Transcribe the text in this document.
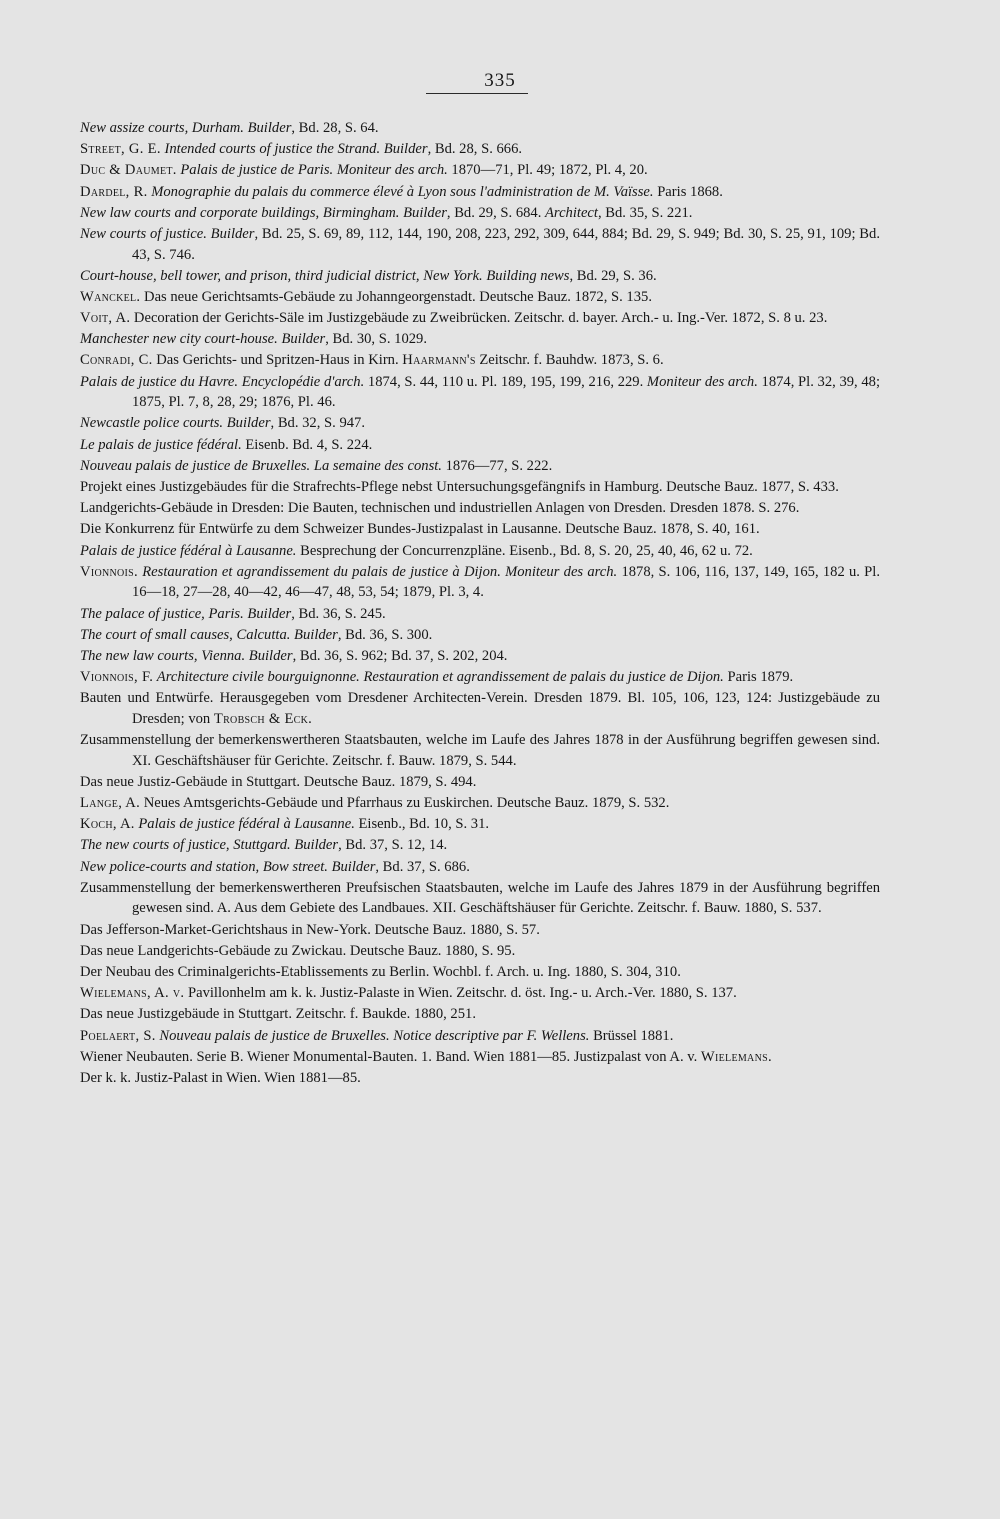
335
New assize courts, Durham. Builder, Bd. 28, S. 64.
Street, G. E. Intended courts of justice the Strand. Builder, Bd. 28, S. 666.
Duc & Daumet. Palais de justice de Paris. Moniteur des arch. 1870—71, Pl. 49; 1872, Pl. 4, 20.
Dardel, R. Monographie du palais du commerce élevé à Lyon sous l'administration de M. Vaïsse. Paris 1868.
New law courts and corporate buildings, Birmingham. Builder, Bd. 29, S. 684. Architect, Bd. 35, S. 221.
New courts of justice. Builder, Bd. 25, S. 69, 89, 112, 144, 190, 208, 223, 292, 309, 644, 884; Bd. 29, S. 949; Bd. 30, S. 25, 91, 109; Bd. 43, S. 746.
Court-house, bell tower, and prison, third judicial district, New York. Building news, Bd. 29, S. 36.
Wanckel. Das neue Gerichtsamts-Gebäude zu Johanngeorgenstadt. Deutsche Bauz. 1872, S. 135.
Voit, A. Decoration der Gerichts-Säle im Justizgebäude zu Zweibrücken. Zeitschr. d. bayer. Arch.- u. Ing.-Ver. 1872, S. 8 u. 23.
Manchester new city court-house. Builder, Bd. 30, S. 1029.
Conradi, C. Das Gerichts- und Spritzen-Haus in Kirn. Haarmann's Zeitschr. f. Bauhdw. 1873, S. 6.
Palais de justice du Havre. Encyclopédie d'arch. 1874, S. 44, 110 u. Pl. 189, 195, 199, 216, 229. Moniteur des arch. 1874, Pl. 32, 39, 48; 1875, Pl. 7, 8, 28, 29; 1876, Pl. 46.
Newcastle police courts. Builder, Bd. 32, S. 947.
Le palais de justice fédéral. Eisenb. Bd. 4, S. 224.
Nouveau palais de justice de Bruxelles. La semaine des const. 1876—77, S. 222.
Projekt eines Justizgebäudes für die Strafrechts-Pflege nebst Untersuchungsgefängnifs in Hamburg. Deutsche Bauz. 1877, S. 433.
Landgerichts-Gebäude in Dresden: Die Bauten, technischen und industriellen Anlagen von Dresden. Dresden 1878. S. 276.
Die Konkurrenz für Entwürfe zu dem Schweizer Bundes-Justizpalast in Lausanne. Deutsche Bauz. 1878, S. 40, 161.
Palais de justice fédéral à Lausanne. Besprechung der Concurrenzpläne. Eisenb., Bd. 8, S. 20, 25, 40, 46, 62 u. 72.
Vionnois. Restauration et agrandissement du palais de justice à Dijon. Moniteur des arch. 1878, S. 106, 116, 137, 149, 165, 182 u. Pl. 16—18, 27—28, 40—42, 46—47, 48, 53, 54; 1879, Pl. 3, 4.
The palace of justice, Paris. Builder, Bd. 36, S. 245.
The court of small causes, Calcutta. Builder, Bd. 36, S. 300.
The new law courts, Vienna. Builder, Bd. 36, S. 962; Bd. 37, S. 202, 204.
Vionnois, F. Architecture civile bourguignonne. Restauration et agrandissement de palais du justice de Dijon. Paris 1879.
Bauten und Entwürfe. Herausgegeben vom Dresdener Architecten-Verein. Dresden 1879. Bl. 105, 106, 123, 124: Justizgebäude zu Dresden; von Trobsch & Eck.
Zusammenstellung der bemerkenswertheren Staatsbauten, welche im Laufe des Jahres 1878 in der Ausführung begriffen gewesen sind. XI. Geschäftshäuser für Gerichte. Zeitschr. f. Bauw. 1879, S. 544.
Das neue Justiz-Gebäude in Stuttgart. Deutsche Bauz. 1879, S. 494.
Lange, A. Neues Amtsgerichts-Gebäude und Pfarrhaus zu Euskirchen. Deutsche Bauz. 1879, S. 532.
Koch, A. Palais de justice fédéral à Lausanne. Eisenb., Bd. 10, S. 31.
The new courts of justice, Stuttgard. Builder, Bd. 37, S. 12, 14.
New police-courts and station, Bow street. Builder, Bd. 37, S. 686.
Zusammenstellung der bemerkenswertheren Preufsischen Staatsbauten, welche im Laufe des Jahres 1879 in der Ausführung begriffen gewesen sind. A. Aus dem Gebiete des Landbaues. XII. Geschäftshäuser für Gerichte. Zeitschr. f. Bauw. 1880, S. 537.
Das Jefferson-Market-Gerichtshaus in New-York. Deutsche Bauz. 1880, S. 57.
Das neue Landgerichts-Gebäude zu Zwickau. Deutsche Bauz. 1880, S. 95.
Der Neubau des Criminalgerichts-Etablissements zu Berlin. Wochbl. f. Arch. u. Ing. 1880, S. 304, 310.
Wielemans, A. v. Pavillonhelm am k. k. Justiz-Palaste in Wien. Zeitschr. d. öst. Ing.- u. Arch.-Ver. 1880, S. 137.
Das neue Justizgebäude in Stuttgart. Zeitschr. f. Baukde. 1880, 251.
Poelaert, S. Nouveau palais de justice de Bruxelles. Notice descriptive par F. Wellens. Brüssel 1881.
Wiener Neubauten. Serie B. Wiener Monumental-Bauten. 1. Band. Wien 1881—85. Justizpalast von A. v. Wielemans.
Der k. k. Justiz-Palast in Wien. Wien 1881—85.
